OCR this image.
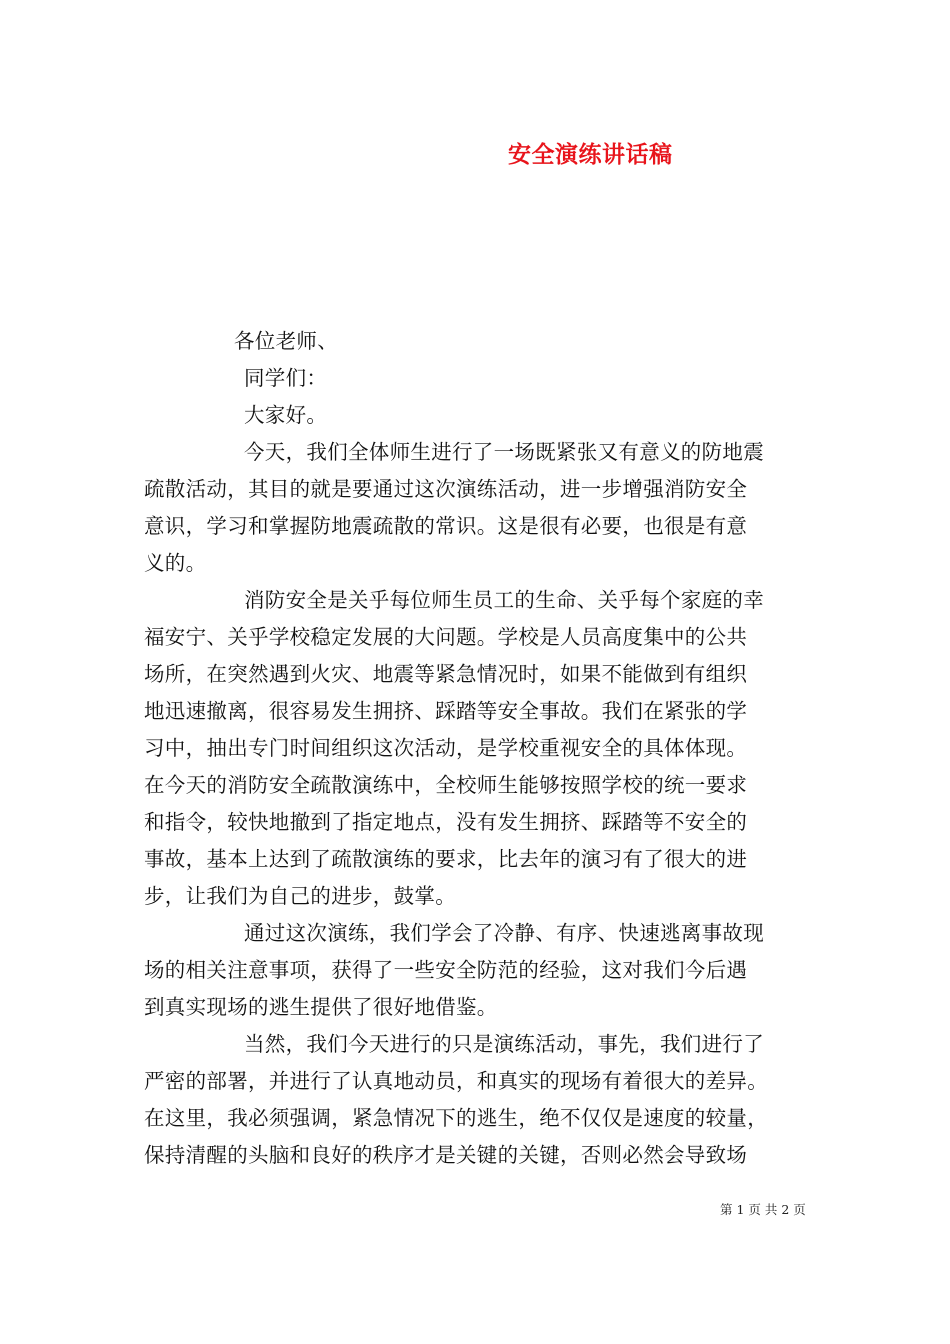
安全演练讲话稿
各位老师、
同学们：
大家好。
今天，我们全体师生进行了一场既紧张又有意义的防地震
疏散活动，其目的就是要通过这次演练活动，进一步增强消防安全
意识，学习和掌握防地震疏散的常识。这是很有必要，也很是有意
义的。
消防安全是关乎每位师生员工的生命、关乎每个家庭的幸
福安宁、关乎学校稳定发展的大问题。学校是人员高度集中的公共
场所，在突然遇到火灾、地震等紧急情况时，如果不能做到有组织
地迅速撤离，很容易发生拥挤、踩踏等安全事故。我们在紧张的学
习中，抽出专门时间组织这次活动，是学校重视安全的具体体现。
在今天的消防安全疏散演练中，全校师生能够按照学校的统一要求
和指令，较快地撤到了指定地点，没有发生拥挤、踩踏等不安全的
事故，基本上达到了疏散演练的要求，比去年的演习有了很大的进
步，让我们为自己的进步，鼓掌。
通过这次演练，我们学会了冷静、有序、快速逃离事故现
场的相关注意事项，获得了一些安全防范的经验，这对我们今后遇
到真实现场的逃生提供了很好地借鉴。
当然，我们今天进行的只是演练活动，事先，我们进行了
严密的部署，并进行了认真地动员，和真实的现场有着很大的差异。
在这里，我必须强调，紧急情况下的逃生，绝不仅仅是速度的较量，
保持清醒的头脑和良好的秩序才是关键的关键，否则必然会导致场
第 1 页 共 2 页
